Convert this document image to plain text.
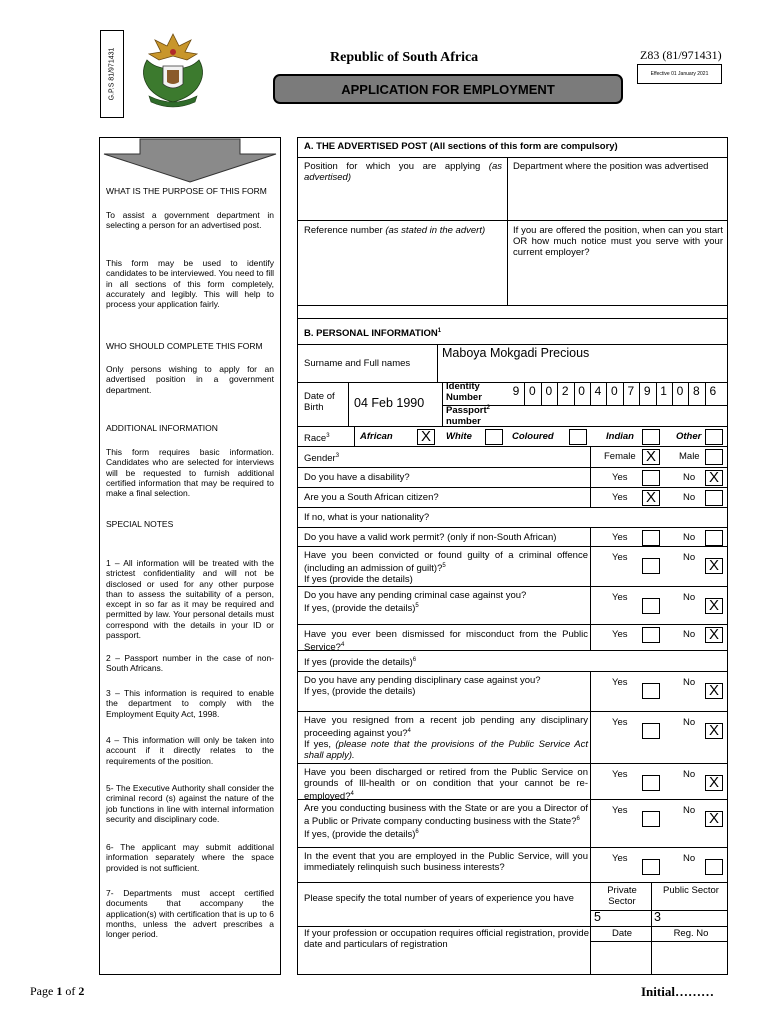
G.P.S 81/971431	Republic of South Africa	Z83 (81/971431)
Effective 01 January 2021
APPLICATION FOR EMPLOYMENT
WHAT IS THE PURPOSE OF THIS FORM
To assist a government department in selecting a person for an advertised post.
This form may be used to identify candidates to be interviewed. You need to fill in all sections of this form completely, accurately and legibly. This will help to process your application fairly.
WHO SHOULD COMPLETE THIS FORM
Only persons wishing to apply for an advertised position in a government department.
ADDITIONAL INFORMATION
This form requires basic information. Candidates who are selected for interviews will be requested to furnish additional certified information that may be required to make a final selection.
SPECIAL NOTES
1 – All information will be treated with the strictest confidentiality and will not be disclosed or used for any other purpose than to assess the suitability of a person, except in so far as it may be required and permitted by law. Your personal details must correspond with the details in your ID or passport.
2 – Passport number in the case of non-South Africans.
3 – This information is required to enable the department to comply with the Employment Equity Act, 1998.
4 – This information will only be taken into account if it directly relates to the requirements of the position.
5- The Executive Authority shall consider the criminal record (s) against the nature of the job functions in line with internal information security and disciplinary code.
6- The applicant may submit additional information separately where the space provided is not sufficient.
7- Departments must accept certified documents that accompany the application(s) with certification that is up to 6 months, unless the advert prescribes a longer period.
A. THE ADVERTISED POST (All sections of this form are compulsory)
Position for which you are applying (as advertised)
Department where the position was advertised
Reference number (as stated in the advert)	If you are offered the position, when can you start OR how much notice must you serve with your current employer?
B. PERSONAL INFORMATION$^1$
Surname and Full names
Maboya Mokgadi Precious
Date of Birth	04 Feb 1990
Identity Number
Passport$^2$
number
9 0 0 2 0 4 0 7 9 1 0 8 6
Race$^3$	African X	White	Coloured	Indian	Other
Gender$^3$	Female X	Male
Do you have a disability?	Yes	No X
Are you a South African citizen?	Yes X	No
If no, what is your nationality?
Do you have a valid work permit? (only if non-South African)	Yes	No
Have you been convicted or found guilty of a criminal offence (including an admission of guilt)?$^5$
If yes (provide the details)
Yes	No X
Do you have any pending criminal case against you?
If yes, (provide the details)$^5$
Yes	No X
Have you ever been dismissed for misconduct from the Public Service?$^4$
Yes	No X
If yes (provide the details)$^6$
Do you have any pending disciplinary case against you?
If yes, (provide the details)
Yes	No X
Have you resigned from a recent job pending any disciplinary proceeding against you?$^4$
If yes, (please note that the provisions of the Public Service Act shall apply).
Yes	No X
Have you been discharged or retired from the Public Service on grounds of Ill-health or on condition that your cannot be re-employed?$^4$
Yes	No X
Are you conducting business with the State or are you a Director of a Public or Private company conducting business with the State?$^6$
If yes, (provide the details)$^6$
Yes	No X
In the event that you are employed in the Public Service, will you immediately relinquish such business interests?
Yes	No
Please specify the total number of years of experience you have
Private Sector
Public Sector
5	3
If your profession or occupation requires official registration, provide date and particulars of registration
Date	Reg. No
Page 1 of 2	Initial………
